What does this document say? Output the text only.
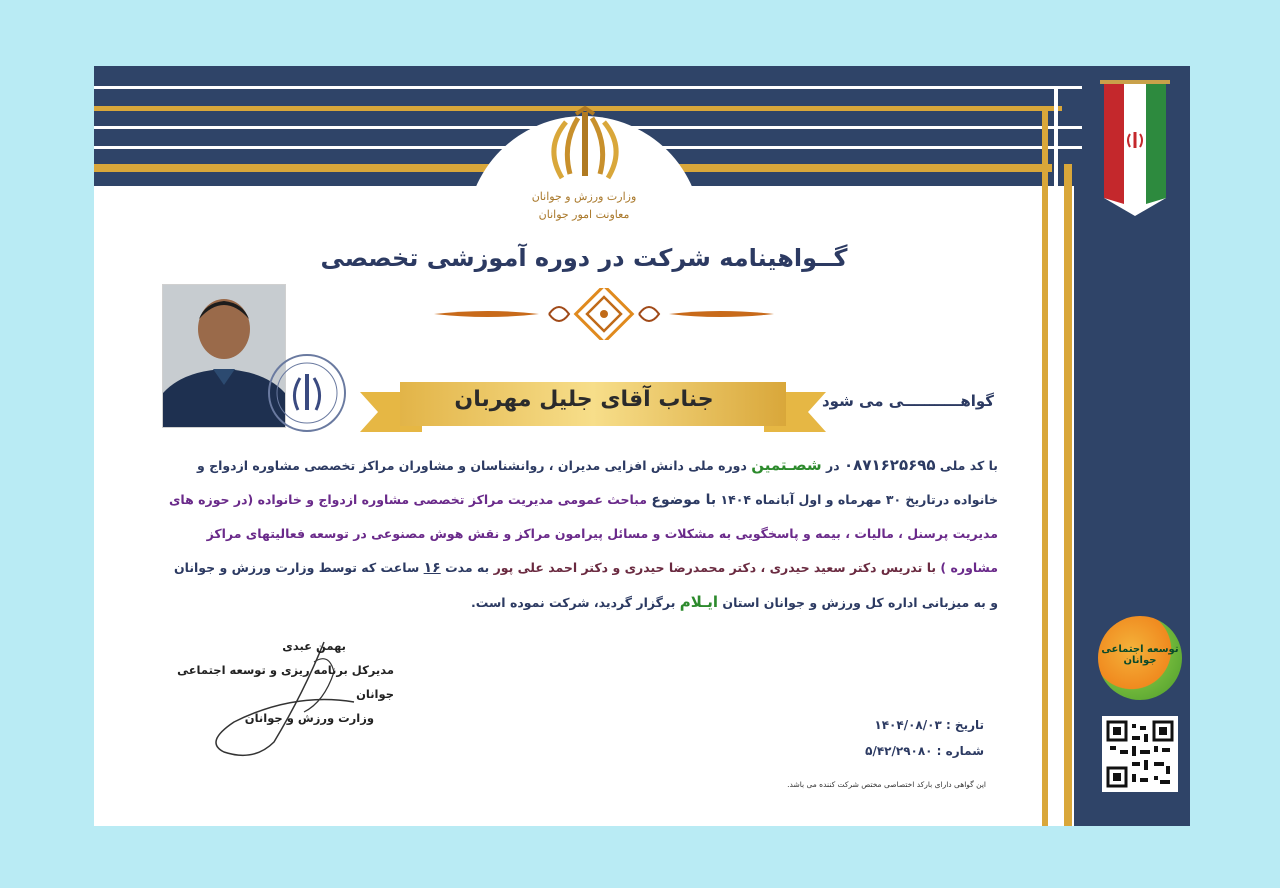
وزارت ورزش و جوانان
معاونت امور جوانان
گــواهینامه شرکت در دوره آموزشی تخصصی
جناب آقای جلیل مهربان	گواهـــــــــــی می شود
با کد ملی ۰۸۷۱۶۲۵۶۹۵ در شصـتمین دوره ملی دانش افزایی مدیران ، روانشناسان و مشاوران مراکز تخصصی مشاوره ازدواج و خانواده درتاریخ ۳۰ مهرماه و اول آبانماه ۱۴۰۴ با موضوع مباحث عمومی مدیریت مراکز تخصصی مشاوره ازدواج و خانواده (در حوزه های مدیریت پرسنل ، مالیات ، بیمه و پاسخگویی به مشکلات و مسائل پیرامون مراکز و نقش هوش مصنوعی در توسعه فعالیتهای مراکز مشاوره ) با تدریس دکتر سعید حیدری ، دکتر محمدرضا حیدری و دکتر احمد علی پور به مدت ۱۶ ساعت که توسط وزارت ورزش و جوانان و به میزبانی اداره کل ورزش و جوانان استان ایـلام برگزار گردید، شرکت نموده است.
بهمن عبدی
مدیرکل برنامه ریزی و توسعه اجتماعی جوانان
وزارت ورزش و جوانان	تاریخ : ۱۴۰۴/۰۸/۰۳
شماره : ۵/۴۲/۲۹۰۸۰
این گواهی دارای بارکد اختصاصی مختص شرکت کننده می باشد.
توسعه اجتماعی جوانان
